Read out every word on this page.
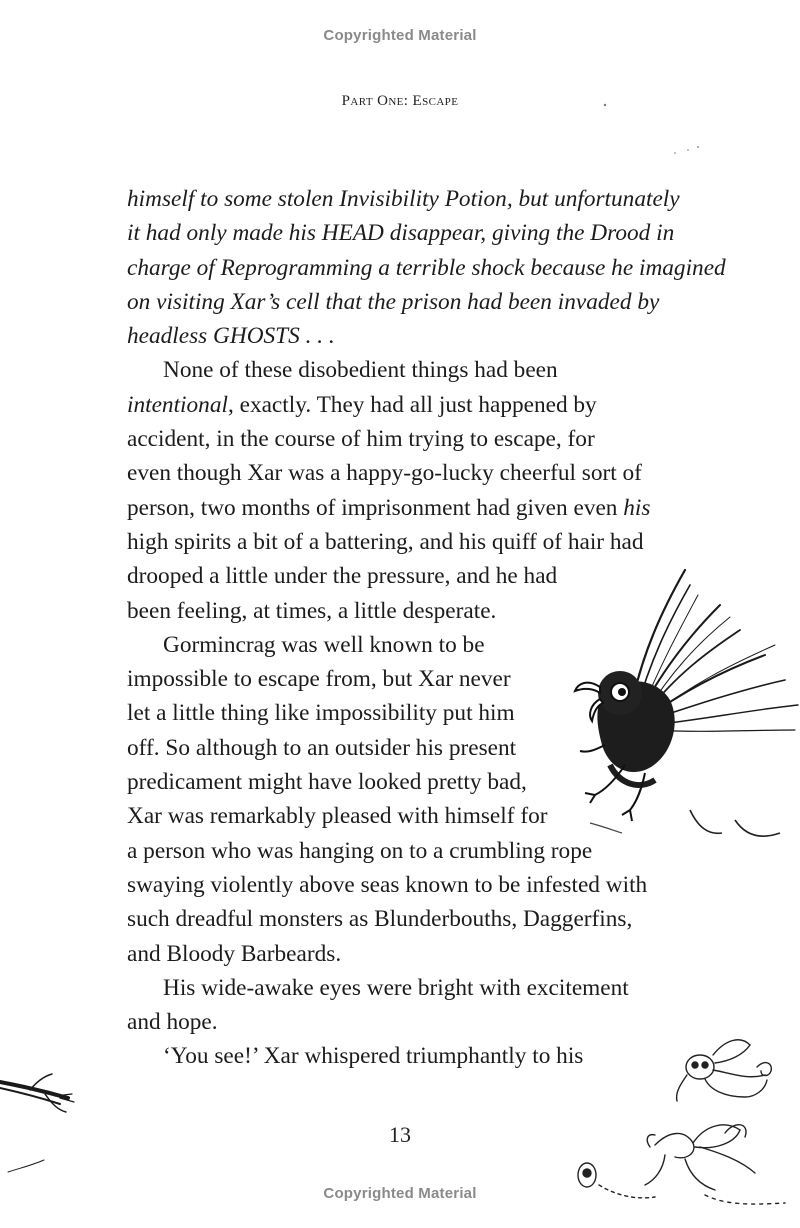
Copyrighted Material
Part One: Escape
himself to some stolen Invisibility Potion, but unfortunately
it had only made his HEAD disappear, giving the Drood in
charge of Reprogramming a terrible shock because he imagined
on visiting Xar’s cell that the prison had been invaded by
headless GHOSTS . . .
None of these disobedient things had been
intentional, exactly. They had all just happened by
accident, in the course of him trying to escape, for
even though Xar was a happy-go-lucky cheerful sort of
person, two months of imprisonment had given even his
high spirits a bit of a battering, and his quiff of hair had
drooped a little under the pressure, and he had
been feeling, at times, a little desperate.
Gormincrag was well known to be
impossible to escape from, but Xar never
let a little thing like impossibility put him
off. So although to an outsider his present
predicament might have looked pretty bad,
Xar was remarkably pleased with himself for
a person who was hanging on to a crumbling rope
swaying violently above seas known to be infested with
such dreadful monsters as Blunderbouths, Daggerfins,
and Bloody Barbeards.
His wide-awake eyes were bright with excitement
and hope.
‘You see!’ Xar whispered triumphantly to his
13
Copyrighted Material
